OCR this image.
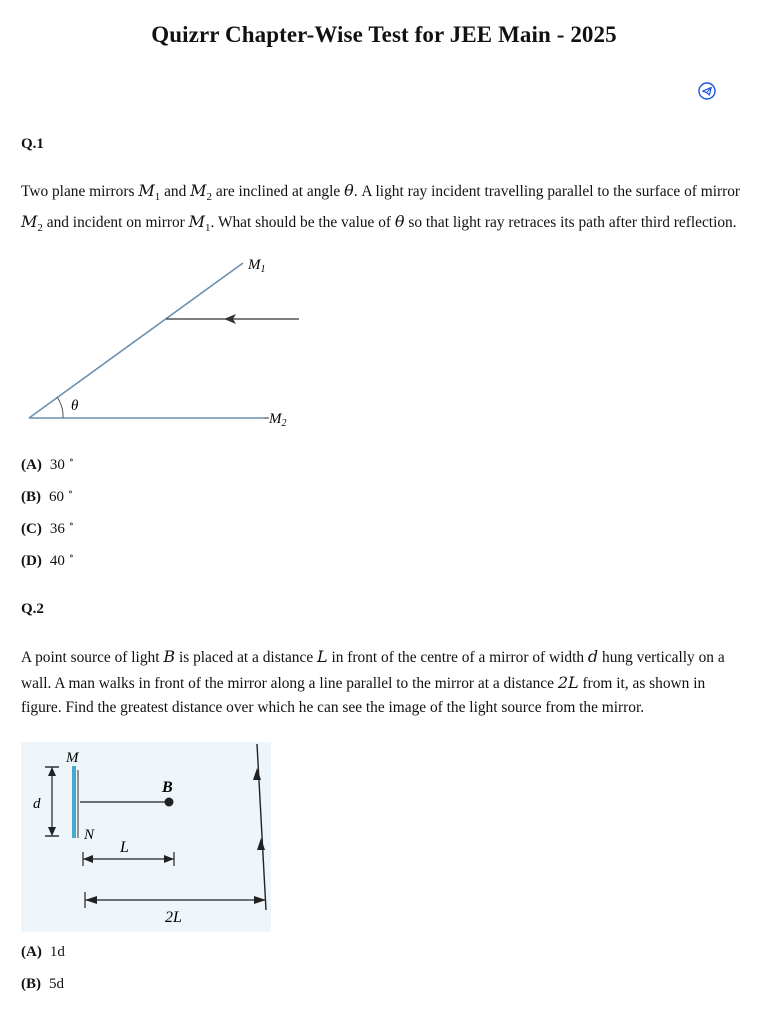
Quizrr Chapter-Wise Test for JEE Main - 2025
Q.1
Two plane mirrors $M_1$ and $M_2$ are inclined at angle θ. A light ray incident travelling parallel to the surface of mirror $M_2$ and incident on mirror $M_1$. What should be the value of θ so that light ray retraces its path after third reflection.
θ
$M_1$
$M_2$
(A) 30 ∘
(B) 60 ∘
(C) 36 ∘
(D) 40 ∘
Q.2
A point source of light B is placed at a distance L in front of the centre of a mirror of width d hung vertically on a wall. A man walks in front of the mirror along a line parallel to the mirror at a distance 2L from it, as shown in figure. Find the greatest distance over which he can see the image of the light source from the mirror.
d
M
N
B
L
2L
(A) 1d
(B) 5d
